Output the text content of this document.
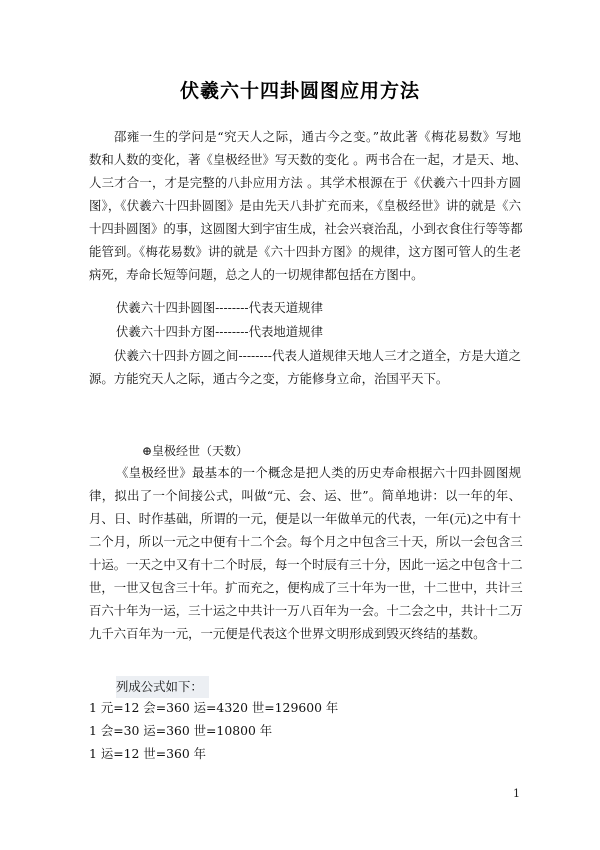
伏羲六十四卦圆图应用方法
邵雍一生的学问是“究天人之际，通古今之变。”故此著《梅花易数》写地
数和人数的变化，著《皇极经世》写天数的变化 。两书合在一起，才是天、地、
人三才合一，才是完整的八卦应用方法 。其学术根源在于《伏羲六十四卦方圆
图》，《伏羲六十四卦圆图》是由先天八卦扩充而来，《皇极经世》讲的就是《六
十四卦圆图》的事，这圆图大到宇宙生成，社会兴衰治乱，小到衣食住行等等都
能管到。《梅花易数》讲的就是《六十四卦方图》的规律，这方图可管人的生老
病死，寿命长短等问题，总之人的一切规律都包括在方图中。
伏羲六十四卦圆图--------代表天道规律
伏羲六十四卦方图--------代表地道规律
伏羲六十四卦方圆之间--------代表人道规律天地人三才之道全，方是大道之
源。方能究天人之际，通古今之变，方能修身立命，治国平天下。
⊕皇极经世（天数）
《皇极经世》最基本的一个概念是把人类的历史寿命根据六十四卦圆图规
律，拟出了一个间接公式，叫做“元、会、运、世”。简单地讲：以一年的年、
月、日、时作基础，所谓的一元，便是以一年做单元的代表，一年(元)之中有十
二个月，所以一元之中便有十二个会。每个月之中包含三十天，所以一会包含三
十运。一天之中又有十二个时辰，每一个时辰有三十分，因此一运之中包含十二
世，一世又包含三十年。扩而充之，便构成了三十年为一世，十二世中，共计三
百六十年为一运，三十运之中共计一万八百年为一会。十二会之中，共计十二万
九千六百年为一元，一元便是代表这个世界文明形成到毁灭终结的基数。
列成公式如下：
1 元=12 会=360 运=4320 世=129600 年
1 会=30 运=360 世=10800 年
1 运=12 世=360 年
1
